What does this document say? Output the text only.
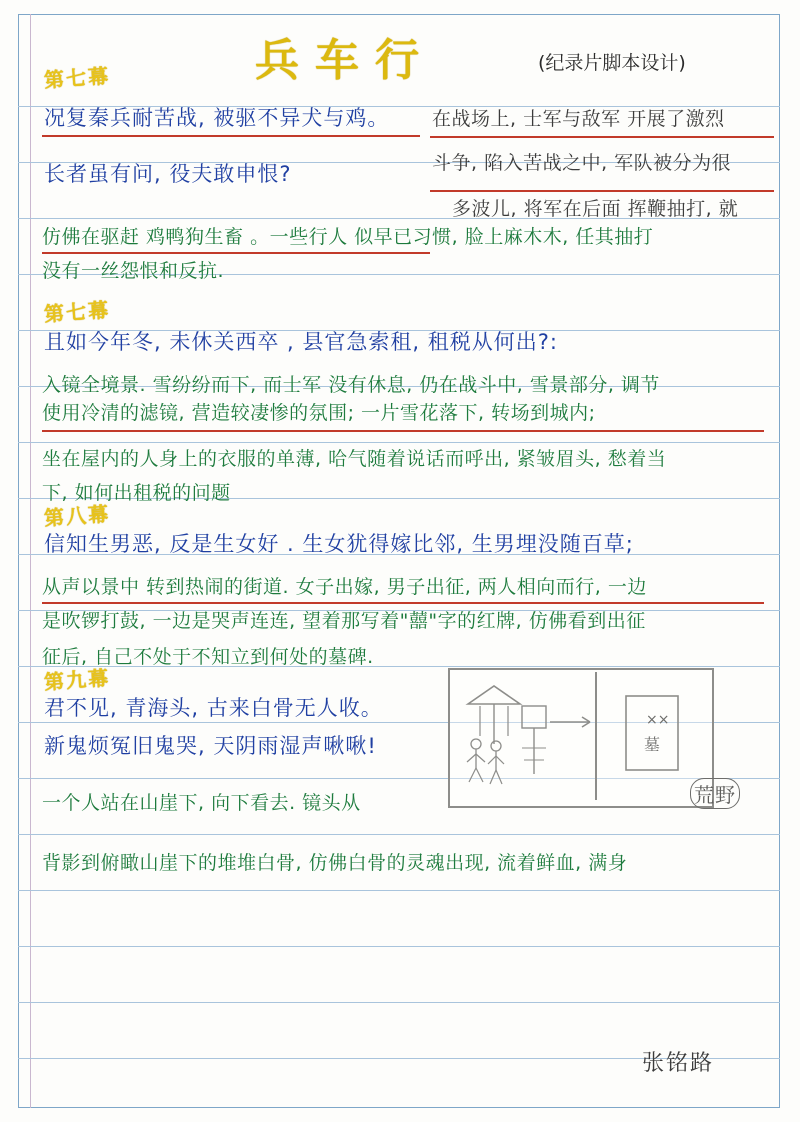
兵车行	(纪录片脚本设计)
第七幕
况复秦兵耐苦战, 被驱不异犬与鸡。
长者虽有问, 役夫敢申恨?
在战场上, 士军与敌军 开展了激烈
斗争, 陷入苦战之中, 军队被分为很
多波儿, 将军在后面 挥鞭抽打, 就
仿佛在驱赶 鸡鸭狗生畜 。一些行人 似早已习惯, 脸上麻木木, 任其抽打
没有一丝怨恨和反抗.
第七幕
且如今年冬, 未休关西卒 , 县官急索租, 租税从何出?:
入镜全境景. 雪纷纷而下, 而士军 没有休息, 仍在战斗中, 雪景部分, 调节
使用冷清的滤镜, 营造较凄惨的氛围; 一片雪花落下, 转场到城内;
坐在屋内的人身上的衣服的单薄, 哈气随着说话而呼出, 紧皱眉头, 愁着当
下, 如何出租税的问题
第八幕
信知生男恶, 反是生女好 . 生女犹得嫁比邻, 生男埋没随百草;
从声以景中 转到热闹的街道. 女子出嫁, 男子出征, 两人相向而行, 一边
是吹锣打鼓, 一边是哭声连连, 望着那写着"囍"字的红牌, 仿佛看到出征
征后, 自己不处于不知立到何处的墓碑.
第九幕
君不见, 青海头, 古来白骨无人收。
新鬼烦冤旧鬼哭, 天阴雨湿声啾啾!
一个人站在山崖下, 向下看去. 镜头从
背影到俯瞰山崖下的堆堆白骨, 仿佛白骨的灵魂出现, 流着鲜血, 满身
××
墓
荒野
张铭路
